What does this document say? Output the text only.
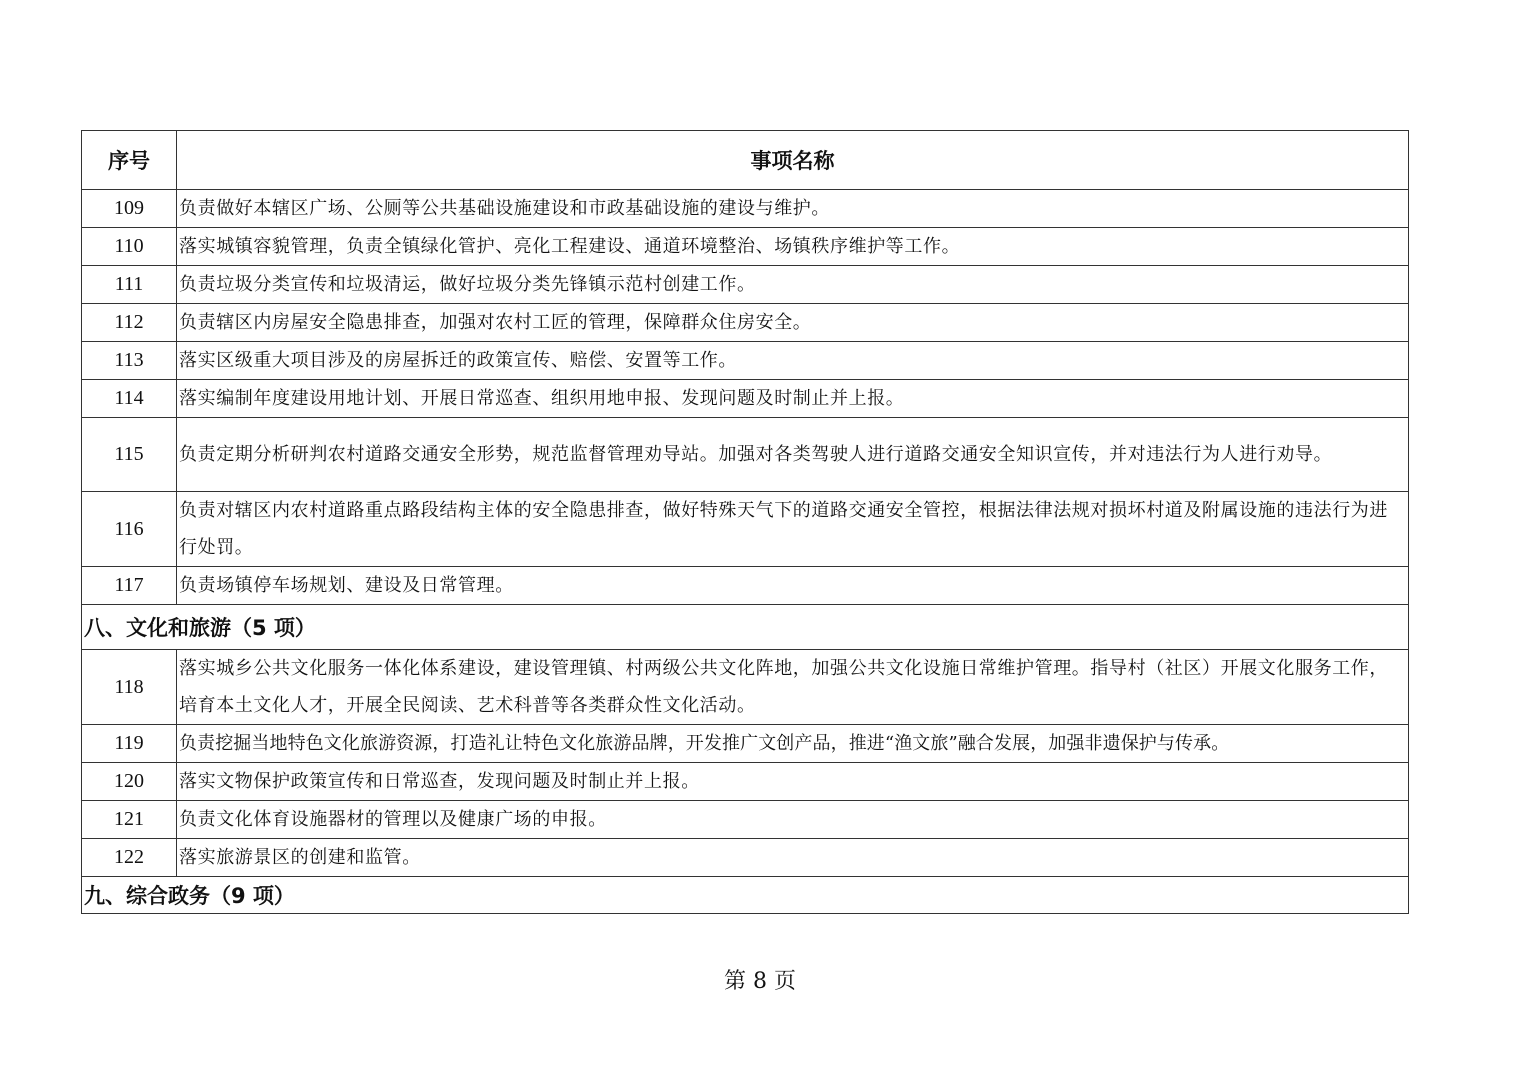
序号	事项名称
109	负责做好本辖区广场、公厕等公共基础设施建设和市政基础设施的建设与维护。
110	落实城镇容貌管理，负责全镇绿化管护、亮化工程建设、通道环境整治、场镇秩序维护等工作。
111	负责垃圾分类宣传和垃圾清运，做好垃圾分类先锋镇示范村创建工作。
112	负责辖区内房屋安全隐患排查，加强对农村工匠的管理，保障群众住房安全。
113	落实区级重大项目涉及的房屋拆迁的政策宣传、赔偿、安置等工作。
114	落实编制年度建设用地计划、开展日常巡查、组织用地申报、发现问题及时制止并上报。
115	负责定期分析研判农村道路交通安全形势，规范监督管理劝导站。加强对各类驾驶人进行道路交通安全知识宣传，并对违法行为人进行劝导。
116	负责对辖区内农村道路重点路段结构主体的安全隐患排查，做好特殊天气下的道路交通安全管控，根据法律法规对损坏村道及附属设施的违法行为进行处罚。
117	负责场镇停车场规划、建设及日常管理。
八、文化和旅游（5 项）	
118	落实城乡公共文化服务一体化体系建设，建设管理镇、村两级公共文化阵地，加强公共文化设施日常维护管理。指导村（社区）开展文化服务工作，培育本土文化人才，开展全民阅读、艺术科普等各类群众性文化活动。
119	负责挖掘当地特色文化旅游资源，打造礼让特色文化旅游品牌，开发推广文创产品，推进“渔文旅”融合发展，加强非遗保护与传承。
120	落实文物保护政策宣传和日常巡查，发现问题及时制止并上报。
121	负责文化体育设施器材的管理以及健康广场的申报。
122	落实旅游景区的创建和监管。
九、综合政务（9 项）	
第 8 页
